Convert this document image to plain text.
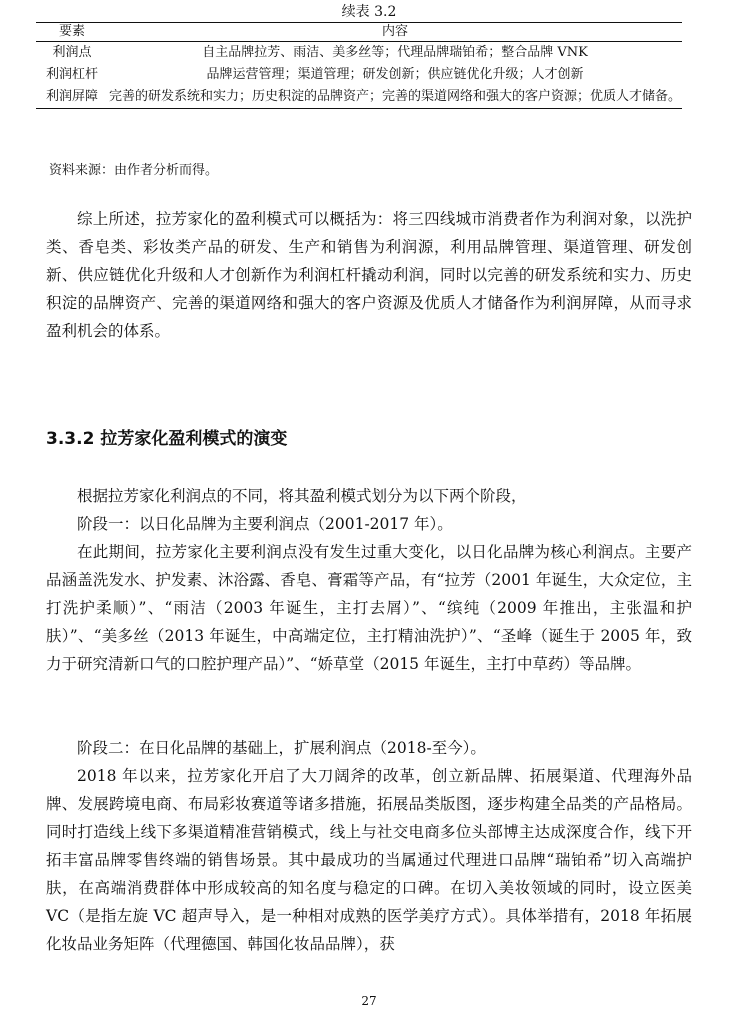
续表 3.2
要素	内容
利润点	自主品牌拉芳、雨洁、美多丝等；代理品牌瑞铂希；整合品牌 VNK
利润杠杆	品牌运营管理；渠道管理；研发创新；供应链优化升级；人才创新
利润屏障	完善的研发系统和实力；历史积淀的品牌资产；完善的渠道网络和强大的客户资源；优质人才储备。
资料来源：由作者分析而得。

综上所述，拉芳家化的盈利模式可以概括为：将三四线城市消费者作为利润对象，以洗护类、香皂类、彩妆类产品的研发、生产和销售为利润源，利用品牌管理、渠道管理、研发创新、供应链优化升级和人才创新作为利润杠杆撬动利润，同时以完善的研发系统和实力、历史积淀的品牌资产、完善的渠道网络和强大的客户资源及优质人才储备作为利润屏障，从而寻求盈利机会的体系。

3.3.2 拉芳家化盈利模式的演变

根据拉芳家化利润点的不同，将其盈利模式划分为以下两个阶段，

阶段一：以日化品牌为主要利润点（2001-2017 年）。

在此期间，拉芳家化主要利润点没有发生过重大变化，以日化品牌为核心利润点。主要产品涵盖洗发水、护发素、沐浴露、香皂、膏霜等产品，有“拉芳（2001 年诞生，大众定位，主打洗护柔顺）”、“雨洁（2003 年诞生，主打去屑）”、“缤纯（2009 年推出，主张温和护肤）”、“美多丝（2013 年诞生，中高端定位，主打精油洗护）”、“圣峰（诞生于 2005 年，致力于研究清新口气的口腔护理产品）”、“娇草堂（2015 年诞生，主打中草药）等品牌。

阶段二：在日化品牌的基础上，扩展利润点（2018-至今）。

2018 年以来，拉芳家化开启了大刀阔斧的改革，创立新品牌、拓展渠道、代理海外品牌、发展跨境电商、布局彩妆赛道等诸多措施，拓展品类版图，逐步构建全品类的产品格局。同时打造线上线下多渠道精准营销模式，线上与社交电商多位头部博主达成深度合作，线下开拓丰富品牌零售终端的销售场景。其中最成功的当属通过代理进口品牌“瑞铂希”切入高端护肤，在高端消费群体中形成较高的知名度与稳定的口碑。在切入美妆领域的同时，设立医美 VC（是指左旋 VC 超声导入，是一种相对成熟的医学美疗方式）。具体举措有，2018 年拓展化妆品业务矩阵（代理德国、韩国化妆品品牌），获

27
